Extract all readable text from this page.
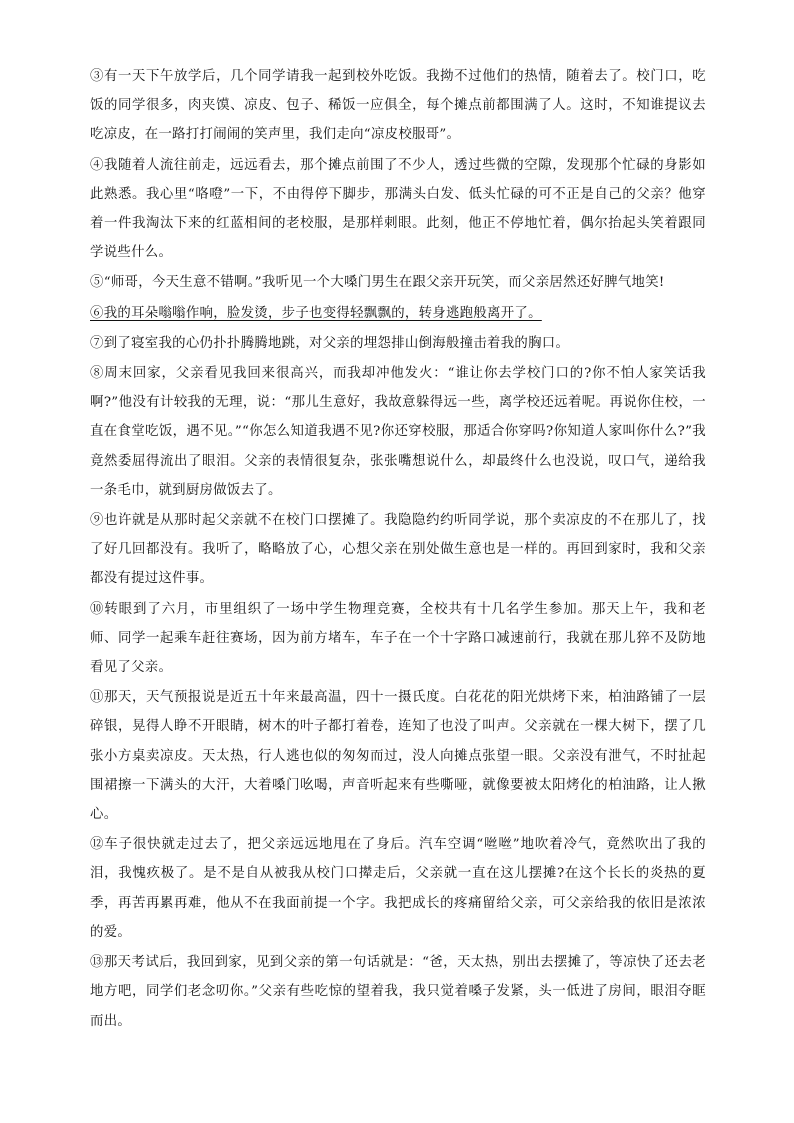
③有一天下午放学后，几个同学请我一起到校外吃饭。我拗不过他们的热情，随着去了。校门口，吃饭的同学很多，肉夹馍、凉皮、包子、稀饭一应俱全，每个摊点前都围满了人。这时，不知谁提议去吃凉皮，在一路打打闹闹的笑声里，我们走向“凉皮校服哥”。

④我随着人流往前走，远远看去，那个摊点前围了不少人，透过些微的空隙，发现那个忙碌的身影如此熟悉。我心里“咯噔”一下，不由得停下脚步，那满头白发、低头忙碌的可不正是自己的父亲？他穿着一件我淘汰下来的红蓝相间的老校服，是那样刺眼。此刻，他正不停地忙着，偶尔抬起头笑着跟同学说些什么。

⑤“师哥，今天生意不错啊。”我听见一个大嗓门男生在跟父亲开玩笑，而父亲居然还好脾气地笑!

⑥我的耳朵嗡嗡作响，脸发烫，步子也变得轻飘飘的，转身逃跑般离开了。

⑦到了寝室我的心仍扑扑腾腾地跳，对父亲的埋怨排山倒海般撞击着我的胸口。

⑧周末回家，父亲看见我回来很高兴，而我却冲他发火：“谁让你去学校门口的?你不怕人家笑话我啊?”他没有计较我的无理，说：“那儿生意好，我故意躲得远一些，离学校还远着呢。再说你住校，一直在食堂吃饭，遇不见。”“你怎么知道我遇不见?你还穿校服，那适合你穿吗?你知道人家叫你什么?”我竟然委屈得流出了眼泪。父亲的表情很复杂，张张嘴想说什么，却最终什么也没说，叹口气，递给我一条毛巾，就到厨房做饭去了。

⑨也许就是从那时起父亲就不在校门口摆摊了。我隐隐约约听同学说，那个卖凉皮的不在那儿了，找了好几回都没有。我听了，略略放了心，心想父亲在别处做生意也是一样的。再回到家时，我和父亲都没有提过这件事。

⑩转眼到了六月，市里组织了一场中学生物理竞赛，全校共有十几名学生参加。那天上午，我和老师、同学一起乘车赶往赛场，因为前方堵车，车子在一个十字路口减速前行，我就在那儿猝不及防地看见了父亲。

⑪那天，天气预报说是近五十年来最高温，四十一摄氏度。白花花的阳光烘烤下来，柏油路铺了一层碎银，晃得人睁不开眼睛，树木的叶子都打着卷，连知了也没了叫声。父亲就在一棵大树下，摆了几张小方桌卖凉皮。天太热，行人逃也似的匆匆而过，没人向摊点张望一眼。父亲没有泄气，不时扯起围裙擦一下满头的大汗，大着嗓门吆喝，声音听起来有些嘶哑，就像要被太阳烤化的柏油路，让人揪心。

⑫车子很快就走过去了，把父亲远远地甩在了身后。汽车空调“咝咝”地吹着冷气，竟然吹出了我的泪，我愧疚极了。是不是自从被我从校门口撵走后，父亲就一直在这儿摆摊?在这个长长的炎热的夏季，再苦再累再难，他从不在我面前提一个字。我把成长的疼痛留给父亲，可父亲给我的依旧是浓浓的爱。

⑬那天考试后，我回到家，见到父亲的第一句话就是：“爸，天太热，别出去摆摊了，等凉快了还去老地方吧，同学们老念叨你。”父亲有些吃惊的望着我，我只觉着嗓子发紧，头一低进了房间，眼泪夺眶而出。
